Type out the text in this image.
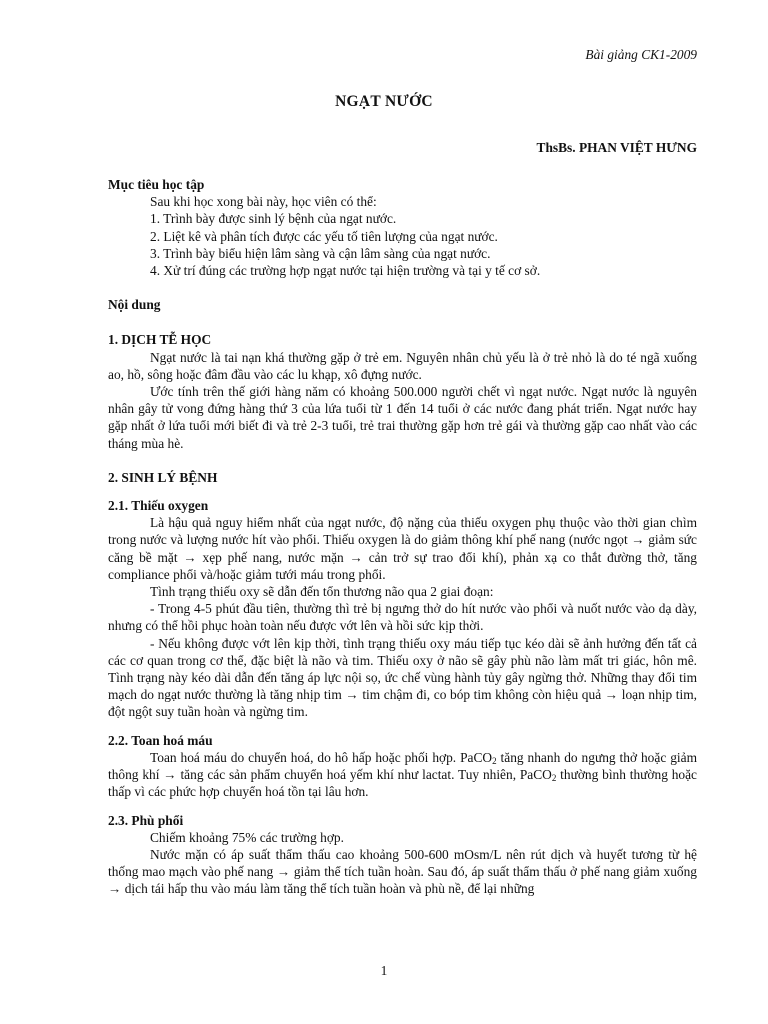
Bài giảng CK1-2009
NGẠT NƯỚC
ThsBs. PHAN VIỆT HƯNG

Mục tiêu học tập

Sau khi học xong bài này, học viên có thể:

1. Trình bày được sinh lý bệnh của ngạt nước.

2. Liệt kê và phân tích được các yếu tố tiên lượng của ngạt nước.

3. Trình bày biểu hiện lâm sàng và cận lâm sàng của ngạt nước.

4. Xử trí đúng các trường hợp ngạt nước tại hiện trường và tại y tế cơ sở.

Nội dung

1. DỊCH TỄ HỌC

Ngạt nước là tai nạn khá thường gặp ở trẻ em. Nguyên nhân chủ yếu là ở trẻ nhỏ là do té ngã xuống ao, hồ, sông hoặc đâm đầu vào các lu khạp, xô đựng nước.

Ước tính trên thế giới hàng năm có khoảng 500.000 người chết vì ngạt nước. Ngạt nước là nguyên nhân gây tử vong đứng hàng thứ 3 của lứa tuổi từ 1 đến 14 tuổi ở các nước đang phát triển. Ngạt nước hay gặp nhất ở lứa tuổi mới biết đi và trẻ 2-3 tuổi, trẻ trai thường gặp hơn trẻ gái và thường gặp cao nhất vào các tháng mùa hè.

2. SINH LÝ BỆNH

2.1. Thiếu oxygen

Là hậu quả nguy hiểm nhất của ngạt nước, độ nặng của thiếu oxygen phụ thuộc vào thời gian chìm trong nước và lượng nước hít vào phổi. Thiếu oxygen là do giảm thông khí phế nang (nước ngọt → giảm sức căng bề mặt → xẹp phế nang, nước mặn → cản trở sự trao đổi khí), phản xạ co thắt đường thở, tăng compliance phổi và/hoặc giảm tưới máu trong phổi.

Tình trạng thiếu oxy sẽ dẫn đến tổn thương não qua 2 giai đoạn:

- Trong 4-5 phút đầu tiên, thường thì trẻ bị ngưng thở do hít nước vào phổi và nuốt nước vào dạ dày, nhưng có thể hồi phục hoàn toàn nếu được vớt lên và hồi sức kịp thời.

- Nếu không được vớt lên kịp thời, tình trạng thiếu oxy máu tiếp tục kéo dài sẽ ảnh hưởng đến tất cả các cơ quan trong cơ thể, đặc biệt là não và tim. Thiếu oxy ở não sẽ gây phù não làm mất tri giác, hôn mê. Tình trạng này kéo dài dẫn đến tăng áp lực nội sọ, ức chế vùng hành tủy gây ngừng thở. Những thay đổi tim mạch do ngạt nước thường là tăng nhịp tim → tim chậm đi, co bóp tim không còn hiệu quả → loạn nhịp tim, đột ngột suy tuần hoàn và ngừng tim.

2.2. Toan hoá máu

Toan hoá máu do chuyển hoá, do hô hấp hoặc phối hợp. PaCO$_2$ tăng nhanh do ngưng thở hoặc giảm thông khí → tăng các sản phẩm chuyển hoá yếm khí như lactat. Tuy nhiên, PaCO$_2$ thường bình thường hoặc thấp vì các phức hợp chuyển hoá tồn tại lâu hơn.

2.3. Phù phổi

Chiếm khoảng 75% các trường hợp.

Nước mặn có áp suất thẩm thấu cao khoảng 500-600 mOsm/L nên rút dịch và huyết tương từ hệ thống mao mạch vào phế nang → giảm thể tích tuần hoàn. Sau đó, áp suất thẩm thấu ở phế nang giảm xuống → dịch tái hấp thu vào máu làm tăng thể tích tuần hoàn và phù nề, để lại những

1
